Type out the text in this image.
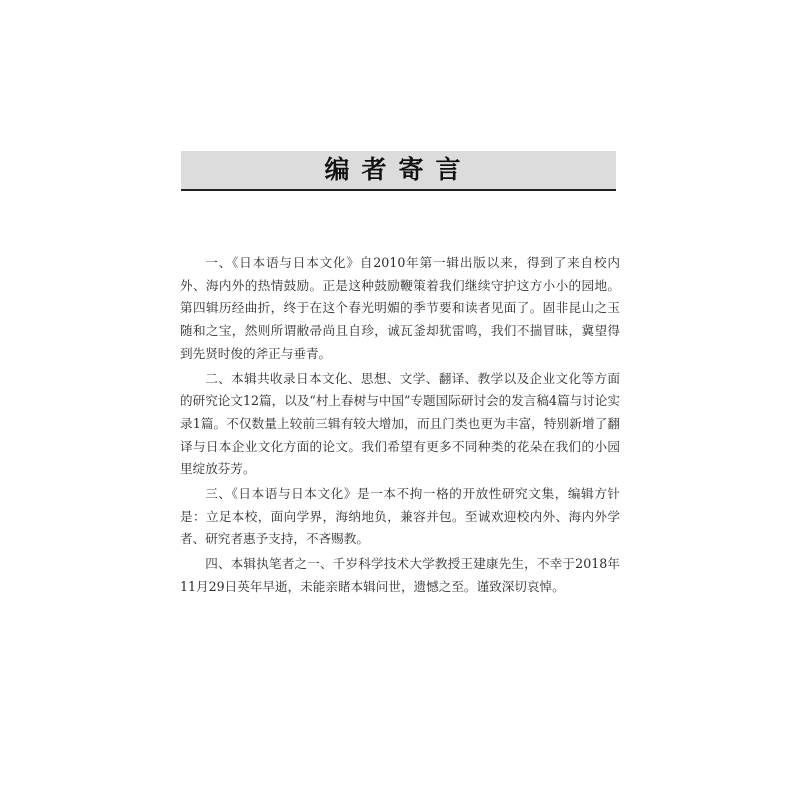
编者寄言

一、《日本语与日本文化》自2010年第一辑出版以来，得到了来自校内外、海内外的热情鼓励。正是这种鼓励鞭策着我们继续守护这方小小的园地。第四辑历经曲折，终于在这个春光明媚的季节要和读者见面了。固非昆山之玉随和之宝，然则所谓敝帚尚且自珍，诚瓦釜却犹雷鸣，我们不揣冒昧，冀望得到先贤时俊的斧正与垂青。

二、本辑共收录日本文化、思想、文学、翻译、教学以及企业文化等方面的研究论文12篇，以及“村上春树与中国”专题国际研讨会的发言稿4篇与讨论实录1篇。不仅数量上较前三辑有较大增加，而且门类也更为丰富，特别新增了翻译与日本企业文化方面的论文。我们希望有更多不同种类的花朵在我们的小园里绽放芬芳。

三、《日本语与日本文化》是一本不拘一格的开放性研究文集，编辑方针是：立足本校，面向学界，海纳地负，兼容并包。至诚欢迎校内外、海内外学者、研究者惠予支持，不吝赐教。

四、本辑执笔者之一、千岁科学技术大学教授王建康先生，不幸于2018年11月29日英年早逝，未能亲睹本辑问世，遗憾之至。谨致深切哀悼。
